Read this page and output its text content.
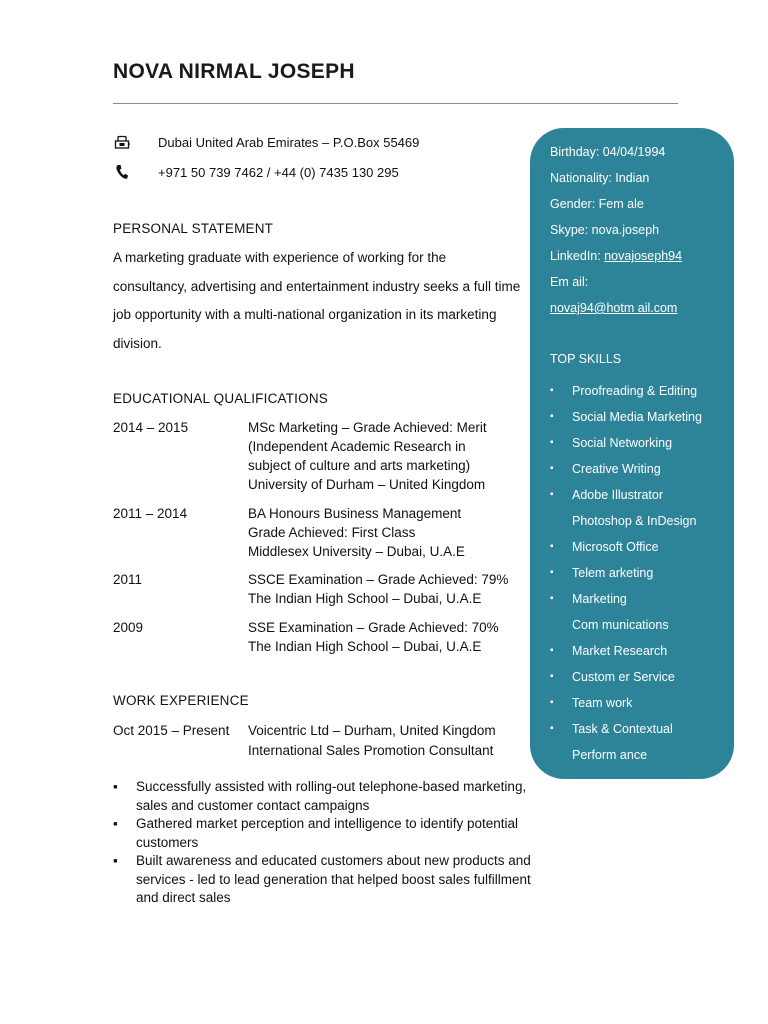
NOVA NIRMAL JOSEPH
Dubai United Arab Emirates – P.O.Box 55469
+971 50 739 7462 / +44 (0) 7435 130 295
PERSONAL STATEMENT

A marketing graduate with experience of working for the consultancy, advertising and entertainment industry seeks a full time job opportunity with a multi-national organization in its marketing division.

EDUCATIONAL QUALIFICATIONS
2014 – 2015	MSc Marketing – Grade Achieved: Merit
(Independent Academic Research in
subject of culture and arts marketing)
University of Durham – United Kingdom
2011 – 2014	BA Honours Business Management
Grade Achieved: First Class
Middlesex University – Dubai, U.A.E
2011	SSCE Examination – Grade Achieved: 79%
The Indian High School – Dubai, U.A.E
2009	SSE Examination – Grade Achieved: 70%
The Indian High School – Dubai, U.A.E
WORK EXPERIENCE
Oct 2015 – Present Voicentric Ltd – Durham, United Kingdom
International Sales Promotion Consultant
▪ Successfully assisted with rolling-out telephone-based marketing, sales and customer contact campaigns
▪ Gathered market perception and intelligence to identify potential customers
▪ Built awareness and educated customers about new products and services - led to lead generation that helped boost sales fulfillment and direct sales
Birthday: 04/04/1994
Nationality: Indian
Gender: Fem ale
Skype: nova.joseph
LinkedIn: novajoseph94
Em ail:
novaj94@hotm ail.com
TOP SKILLS
▪ Proofreading & Editing
▪ Social Media Marketing
▪ Social Networking
▪ Creative Writing
▪ Adobe Illustrator
Photoshop & InDesign
▪ Microsoft Office
▪ Telem arketing
▪ Marketing
Com munications
▪ Market Research
▪ Custom er Service
▪ Team work
▪ Task & Contextual
Perform ance
